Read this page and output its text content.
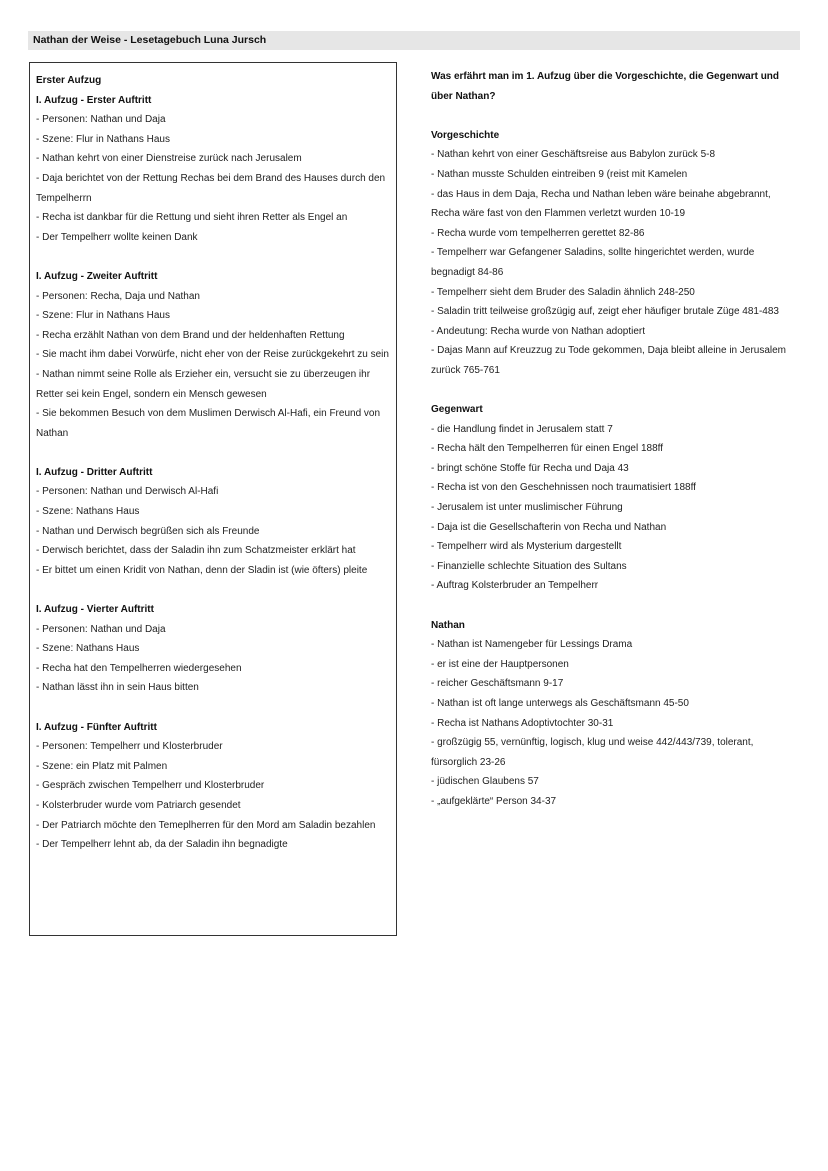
Nathan der Weise - Lesetagebuch Luna Jursch
Erster Aufzug
I. Aufzug - Erster Auftritt
- Personen: Nathan und Daja
- Szene: Flur in Nathans Haus
- Nathan kehrt von einer Dienstreise zurück nach Jerusalem
- Daja berichtet von der Rettung Rechas bei dem Brand des Hauses durch den Tempelherrn
- Recha ist dankbar für die Rettung und sieht ihren Retter als Engel an
- Der Tempelherr wollte keinen Dank
I. Aufzug - Zweiter Auftritt
- Personen: Recha, Daja und Nathan
- Szene: Flur in Nathans Haus
- Recha erzählt Nathan von dem Brand und der heldenhaften Rettung
- Sie macht ihm dabei Vorwürfe, nicht eher von der Reise zurückgekehrt zu sein
- Nathan nimmt seine Rolle als Erzieher ein, versucht sie zu überzeugen ihr Retter sei kein Engel, sondern ein Mensch gewesen
- Sie bekommen Besuch von dem Muslimen Derwisch Al-Hafi, ein Freund von Nathan
I. Aufzug - Dritter Auftritt
- Personen: Nathan und Derwisch Al-Hafi
- Szene: Nathans Haus
- Nathan und Derwisch begrüßen sich als Freunde
- Derwisch berichtet, dass der Saladin ihn zum Schatzmeister erklärt hat
- Er bittet um einen Kridit von Nathan, denn der Sladin ist (wie öfters) pleite
I. Aufzug - Vierter Auftritt
- Personen: Nathan und Daja
- Szene: Nathans Haus
- Recha hat den Tempelherren wiedergesehen
- Nathan lässt ihn in sein Haus bitten
I. Aufzug - Fünfter Auftritt
- Personen: Tempelherr und Klosterbruder
- Szene: ein Platz mit Palmen
- Gespräch zwischen Tempelherr und Klosterbruder
- Kolsterbruder wurde vom Patriarch gesendet
- Der Patriarch möchte den Temeplherren für den Mord am Saladin bezahlen
- Der Tempelherr lehnt ab, da der Saladin ihn begnadigte
Was erfährt man im 1. Aufzug über die Vorgeschichte, die Gegenwart und über Nathan?
Vorgeschichte
- Nathan kehrt von einer Geschäftsreise aus Babylon zurück 5-8
- Nathan musste Schulden eintreiben 9 (reist mit Kamelen
- das Haus in dem Daja, Recha und Nathan leben wäre beinahe abgebrannt, Recha wäre fast von den Flammen verletzt wurden 10-19
- Recha wurde vom tempelherren gerettet 82-86
- Tempelherr war Gefangener Saladins, sollte hingerichtet werden, wurde begnadigt 84-86
- Tempelherr sieht dem Bruder des Saladin ähnlich 248-250
- Saladin tritt teilweise großzügig auf, zeigt eher häufiger brutale Züge 481-483
- Andeutung: Recha wurde von Nathan adoptiert
- Dajas Mann auf Kreuzzug zu Tode gekommen, Daja bleibt alleine in Jerusalem zurück 765-761
Gegenwart
- die Handlung findet in Jerusalem statt 7
- Recha hält den Tempelherren für einen Engel 188ff
- bringt schöne Stoffe für Recha und Daja 43
- Recha ist von den Geschehnissen noch traumatisiert 188ff
- Jerusalem ist unter muslimischer Führung
- Daja ist die Gesellschafterin von Recha und Nathan
- Tempelherr wird als Mysterium dargestellt
- Finanzielle schlechte Situation des Sultans
- Auftrag Kolsterbruder an Tempelherr
Nathan
- Nathan ist Namengeber für Lessings Drama
- er ist eine der Hauptpersonen
- reicher Geschäftsmann 9-17
- Nathan ist oft lange unterwegs als Geschäftsmann 45-50
- Recha ist Nathans Adoptivtochter 30-31
- großzügig 55, vernünftig, logisch, klug und weise 442/443/739, tolerant, fürsorglich 23-26
- jüdischen Glaubens 57
- „aufgeklärte“ Person 34-37
